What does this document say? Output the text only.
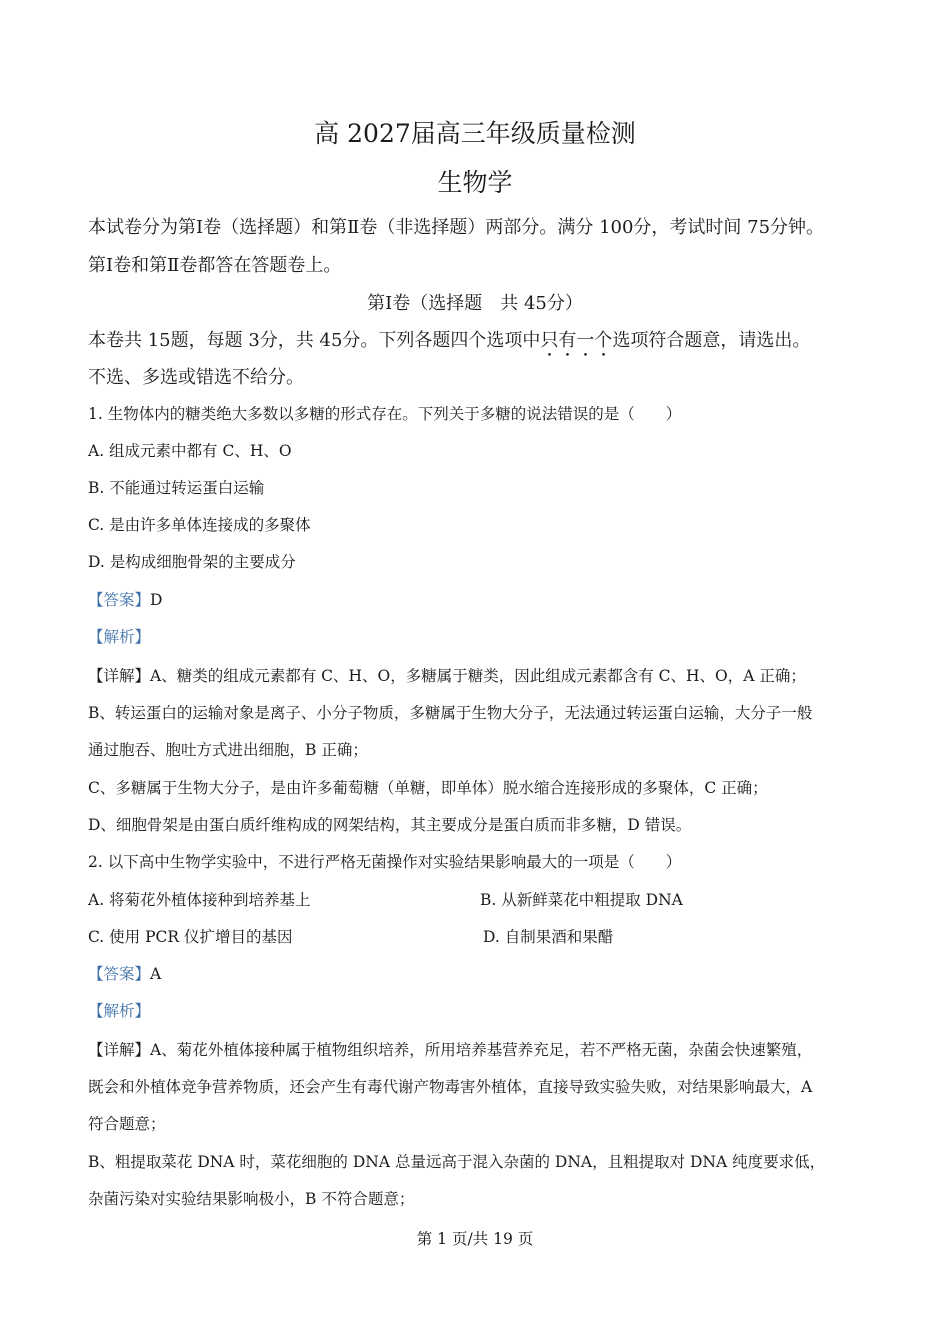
高 2027届高三年级质量检测
生物学
本试卷分为第Ⅰ卷（选择题）和第Ⅱ卷（非选择题）两部分。满分 100分，考试时间 75分钟。
第Ⅰ卷和第Ⅱ卷都答在答题卷上。
第Ⅰ卷（选择题　共 45分）
本卷共 15题，每题 3分，共 45分。下列各题四个选项中只有一个选项符合题意，请选出。
不选、多选或错选不给分。
1. 生物体内的糖类绝大多数以多糖的形式存在。下列关于多糖的说法错误的是（　　）
A. 组成元素中都有 C、H、O
B. 不能通过转运蛋白运输
C. 是由许多单体连接成的多聚体
D. 是构成细胞骨架的主要成分
【答案】D
【解析】
【详解】A、糖类的组成元素都有 C、H、O，多糖属于糖类，因此组成元素都含有 C、H、O，A 正确；
B、转运蛋白的运输对象是离子、小分子物质，多糖属于生物大分子，无法通过转运蛋白运输，大分子一般
通过胞吞、胞吐方式进出细胞，B 正确；
C、多糖属于生物大分子，是由许多葡萄糖（单糖，即单体）脱水缩合连接形成的多聚体，C 正确；
D、细胞骨架是由蛋白质纤维构成的网架结构，其主要成分是蛋白质而非多糖，D 错误。
2. 以下高中生物学实验中，不进行严格无菌操作对实验结果影响最大的一项是（　　）
A. 将菊花外植体接种到培养基上	B. 从新鲜菜花中粗提取 DNA
C. 使用 PCR 仪扩增目的基因	D. 自制果酒和果醋
【答案】A
【解析】
【详解】A、菊花外植体接种属于植物组织培养，所用培养基营养充足，若不严格无菌，杂菌会快速繁殖，
既会和外植体竞争营养物质，还会产生有毒代谢产物毒害外植体，直接导致实验失败，对结果影响最大，A
符合题意；
B、粗提取菜花 DNA 时，菜花细胞的 DNA 总量远高于混入杂菌的 DNA，且粗提取对 DNA 纯度要求低，
杂菌污染对实验结果影响极小，B 不符合题意；
第 1 页/共 19 页
